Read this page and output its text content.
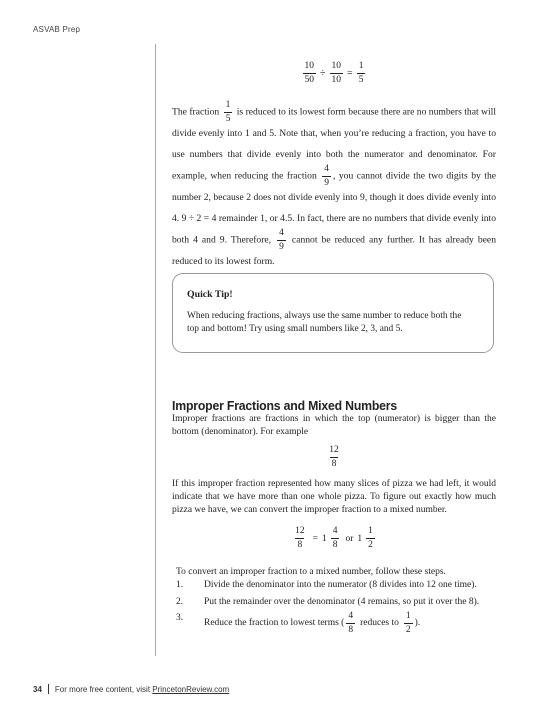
ASVAB Prep
$\frac{10}{50} \div \frac{10}{10} = \frac{1}{5}$

The fraction $\frac{1}{5}$ is reduced to its lowest form because there are no numbers that will divide evenly into 1 and 5. Note that, when you’re reducing a fraction, you have to use numbers that divide evenly into both the numerator and denominator. For example, when reducing the fraction $\frac{4}{9}$ , you cannot divide the two digits by the number 2, because 2 does not divide evenly into 9, though it does divide evenly into 4. 9 ÷ 2 = 4 remainder 1, or 4.5. In fact, there are no numbers that divide evenly into both 4 and 9. Therefore, $\frac{4}{9}$ cannot be reduced any further. It has already been reduced to its lowest form.

Quick Tip!

When reducing fractions, always use the same number to reduce both the top and bottom! Try using small numbers like 2, 3, and 5.

Improper Fractions and Mixed Numbers

Improper fractions are fractions in which the top (numerator) is bigger than the bottom (denominator). For example

$\frac{12}{8}$

If this improper fraction represented how many slices of pizza we had left, it would indicate that we have more than one whole pizza. To figure out exactly how much pizza we have, we can convert the improper fraction to a mixed number.

$\frac{12}{8} = 1 \frac{4}{8}$ or $1 \frac{1}{2}$
To convert an improper fraction to a mixed number, follow these steps.
1.	Divide the denominator into the numerator (8 divides into 12 one time).
2.	Put the remainder over the denominator (4 remains, so put it over the 8).
3.
Reduce the fraction to lowest terms ( $\frac{4}{8}$ reduces to $\frac{1}{2}$ ).
34 For more free content, visit
PrincetonReview.com
